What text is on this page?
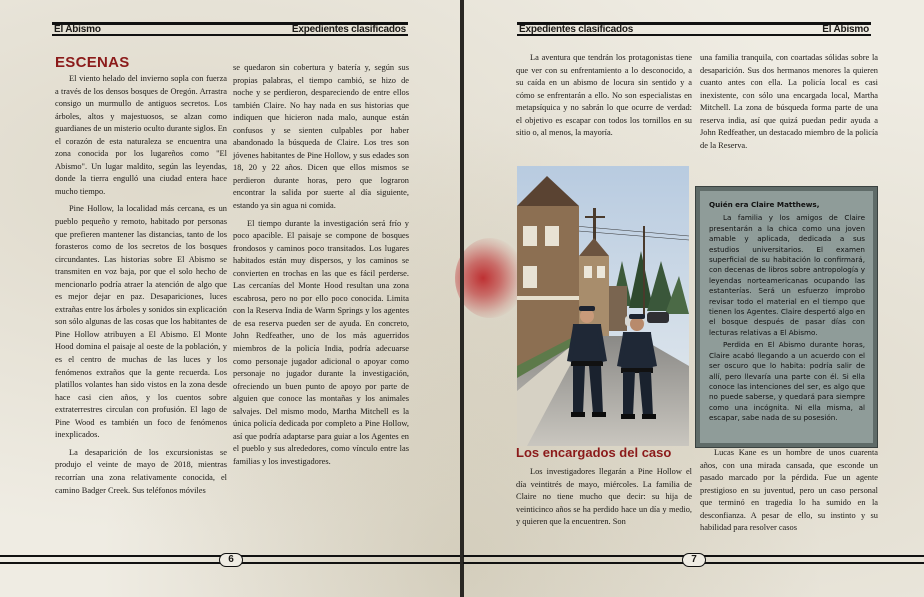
El Abismo	Expedientes clasificados
ESCENAS

El viento helado del invierno sopla con fuerza a través de los densos bosques de Oregón. Arrastra consigo un murmullo de antiguos secretos. Los árboles, altos y majestuosos, se alzan como guardianes de un misterio oculto durante siglos. En el corazón de esta naturaleza se encuentra una zona conocida por los lugareños como "El Abismo". Un lugar maldito, según las leyendas, donde la tierra engulló una ciudad entera hace mucho tiempo.

Pine Hollow, la localidad más cercana, es un pueblo pequeño y remoto, habitado por personas que prefieren mantener las distancias, tanto de los forasteros como de los secretos de los bosques circundantes. Las historias sobre El Abismo se transmiten en voz baja, por que el solo hecho de mencionarlo podría atraer la atención de algo que es mejor dejar en paz. Desapariciones, luces extrañas entre los árboles y sonidos sin explicación son sólo algunas de las cosas que los habitantes de Pine Hollow atribuyen a El Abismo. El Monte Hood domina el paisaje al oeste de la población, y es el centro de muchas de las luces y los fenómenos extraños que la gente recuerda. Los platillos volantes han sido vistos en la zona desde hace casi cien años, y los cuentos sobre extraterrestres circulan con profusión. El lago de Pine Wood es también un foco de fenómenos inexplicados.

La desaparición de los excursionistas se produjo el veinte de mayo de 2018, mientras recorrían una zona relativamente conocida, el camino Badger Creek. Sus teléfonos móviles

se quedaron sin cobertura y batería y, según sus propias palabras, el tiempo cambió, se hizo de noche y se perdieron, despareciendo de entre ellos también Claire. No hay nada en sus historias que indiquen que hicieron nada malo, aunque están confusos y se sienten culpables por haber abandonado la búsqueda de Claire. Los tres son jóvenes habitantes de Pine Hollow, y sus edades son 18, 20 y 22 años. Dicen que ellos mismos se perdieron durante horas, pero que lograron encontrar la salida por suerte al día siguiente, estando ya sin agua ni comida.

El tiempo durante la investigación será frío y poco apacible. El paisaje se compone de bosques frondosos y caminos poco transitados. Los lugares habitados están muy dispersos, y los caminos se convierten en trochas en las que es fácil perderse. Las cercanías del Monte Hood resultan una zona escabrosa, pero no por ello poco conocida. Limita con la Reserva India de Warm Springs y los agentes de esa reserva pueden ser de ayuda. En concreto, John Redfeather, uno de los más aguerridos miembros de la policía India, podría adecuarse como personaje jugador adicional o apoyar como personaje no jugador durante la investigación, ofreciendo un buen punto de apoyo por parte de alguien que conoce las montañas y los animales salvajes. Del mismo modo, Martha Mitchell es la única policía dedicada por completo a Pine Hollow, así que podría adaptarse para guiar a los Agentes en el pueblo y sus alrededores, como vínculo entre las familias y los investigadores.

6
Expedientes clasificados	El Abismo

La aventura que tendrán los protagonistas tiene que ver con su enfrentamiento a lo desconocido, a su caída en un abismo de locura sin sentido y a cómo se enfrentarán a ello. No son especialistas en metapsíquica y no sabrán lo que ocurre de verdad: el objetivo es escapar con todos los tornillos en su sitio o, al menos, la mayoría.

Los encargados del caso

Los investigadores llegarán a Pine Hollow el día veintitrés de mayo, miércoles. La familia de Claire no tiene mucho que decir: su hija de veinticinco años se ha perdido hace un día y medio, y quieren que la encuentren. Son

una familia tranquila, con coartadas sólidas sobre la desaparición. Sus dos hermanos menores la quieren cuanto antes con ella. La policía local es casi inexistente, con sólo una encargada local, Martha Mitchell. La zona de búsqueda forma parte de una reserva india, así que quizá puedan pedir ayuda a John Redfeather, un destacado miembro de la policía de la Reserva.

Quién era Claire Matthews,

La familia y los amigos de Claire presentarán a la chica como una joven amable y aplicada, dedicada a sus estudios universitarios. El examen superficial de su habitación lo confirmará, con decenas de libros sobre antropología y leyendas norteamericanas ocupando las estanterías. Será un esfuerzo ímprobo revisar todo el material en el tiempo que tienen los Agentes. Claire despertó algo en el bosque después de pasar días con lecturas relativas a El Abismo.

Perdida en El Abismo durante horas, Claire acabó llegando a un acuerdo con el ser oscuro que lo habita: podría salir de allí, pero llevaría una parte con él. Si ella conoce las intenciones del ser, es algo que no puede saberse, y quedará para siempre como una incógnita. Ni ella misma, al escapar, sabe nada de su posesión.

Lucas Kane es un hombre de unos cuarenta años, con una mirada cansada, que esconde un pasado marcado por la pérdida. Fue un agente prestigioso en su juventud, pero un caso personal que terminó en tragedia lo ha sumido en la desconfianza. A pesar de ello, su instinto y su habilidad para resolver casos

7
